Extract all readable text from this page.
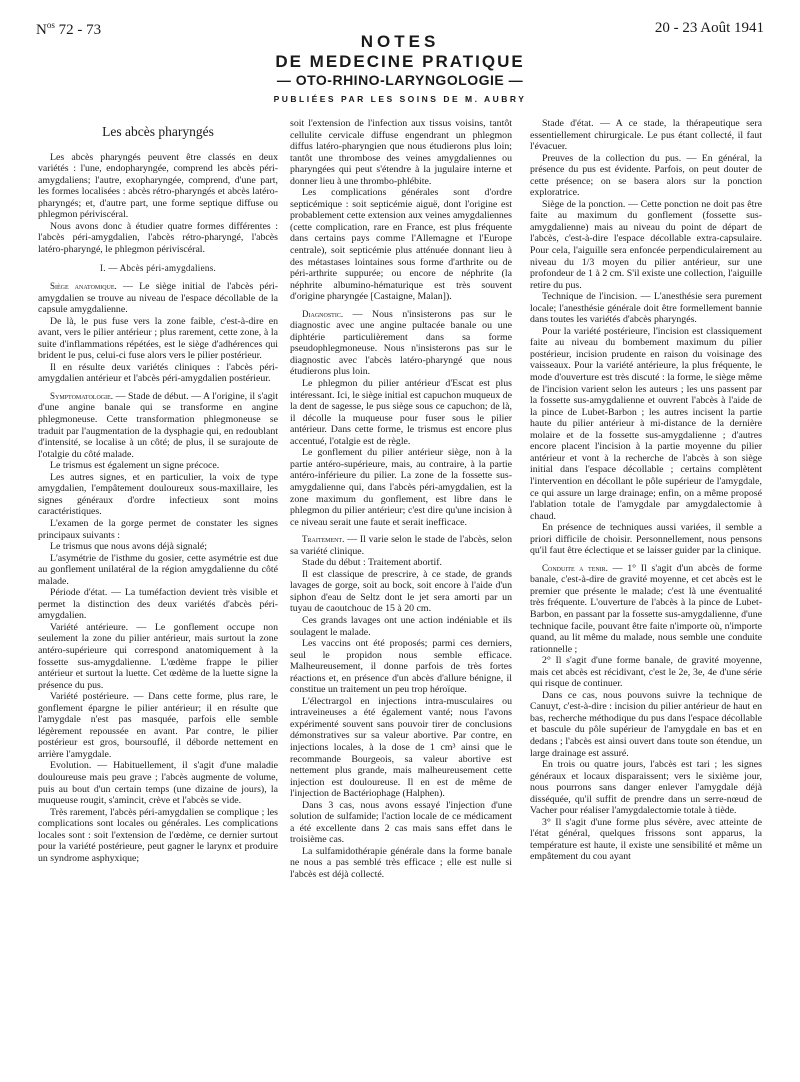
$N^{os}$ 72 - 73	20 - 23 Août 1941
NOTES
DE MEDECINE PRATIQUE
— OTO-RHINO-LARYNGOLOGIE —
PUBLIÉES PAR LES SOINS DE M. AUBRY
Les abcès pharyngés

Les abcès pharyngés peuvent être classés en deux variétés : l'une, endopharyngée, comprend les abcès péri-amygdaliens; l'autre, exopharyngée, comprend, d'une part, les formes localisées : abcès rétro-pharyngés et abcès latéro-pharyngés; et, d'autre part, une forme septique diffuse ou phlegmon périviscéral.

Nous avons donc à étudier quatre formes différentes : l'abcès péri-amygdalien, l'abcès rétro-pharyngé, l'abcès latéro-pharyngé, le phlegmon périviscéral.

I. — Abcès péri-amygdaliens.

Siège anatomique. — Le siège initial de l'abcès péri-amygdalien se trouve au niveau de l'espace décollable de la capsule amygdalienne.

De là, le pus fuse vers la zone faible, c'est-à-dire en avant, vers le pilier antérieur ; plus rarement, cette zone, à la suite d'inflammations répétées, est le siège d'adhérences qui brident le pus, celui-ci fuse alors vers le pilier postérieur.

Il en résulte deux variétés cliniques : l'abcès péri-amygdalien antérieur et l'abcès péri-amygdalien postérieur.

Symptomatologie. — Stade de début. — A l'origine, il s'agit d'une angine banale qui se transforme en angine phlegmoneuse. Cette transformation phlegmoneuse se traduit par l'augmentation de la dysphagie qui, en redoublant d'intensité, se localise à un côté; de plus, il se surajoute de l'otalgie du côté malade.

Le trismus est également un signe précoce.

Les autres signes, et en particulier, la voix de type amygdalien, l'empâtement douloureux sous-maxillaire, les signes généraux d'ordre infectieux sont moins caractéristiques.

L'examen de la gorge permet de constater les signes principaux suivants :

Le trismus que nous avons déjà signalé;

L'asymétrie de l'isthme du gosier, cette asymétrie est due au gonflement unilatéral de la région amygdalienne du côté malade.

Période d'état. — La tuméfaction devient très visible et permet la distinction des deux variétés d'abcès péri-amygdalien.

Variété antérieure. — Le gonflement occupe non seulement la zone du pilier antérieur, mais surtout la zone antéro-supérieure qui correspond anatomiquement à la fossette sus-amygdalienne. L'œdème frappe le pilier antérieur et surtout la luette. Cet œdème de la luette signe la présence du pus.

Variété postérieure. — Dans cette forme, plus rare, le gonflement épargne le pilier antérieur; il en résulte que l'amygdale n'est pas masquée, parfois elle semble légèrement repoussée en avant. Par contre, le pilier postérieur est gros, boursouflé, il déborde nettement en arrière l'amygdale.

Evolution. — Habituellement, il s'agit d'une maladie douloureuse mais peu grave ; l'abcès augmente de volume, puis au bout d'un certain temps (une dizaine de jours), la muqueuse rougit, s'amincit, crève et l'abcès se vide.

Très rarement, l'abcès péri-amygdalien se complique ; les complications sont locales ou générales. Les complications locales sont : soit l'extension de l'œdème, ce dernier surtout pour la variété postérieure, peut gagner le larynx et produire un syndrome asphyxique;

soit l'extension de l'infection aux tissus voisins, tantôt cellulite cervicale diffuse engendrant un phlegmon diffus latéro-pharyngien que nous étudierons plus loin; tantôt une thrombose des veines amygdaliennes ou pharyngées qui peut s'étendre à la jugulaire interne et donner lieu à une thrombo-phlébite.

Les complications générales sont d'ordre septicémique : soit septicémie aiguë, dont l'origine est probablement cette extension aux veines amygdaliennes (cette complication, rare en France, est plus fréquente dans certains pays comme l'Allemagne et l'Europe centrale), soit septicémie plus atténuée donnant lieu à des métastases lointaines sous forme d'arthrite ou de péri-arthrite suppurée; ou encore de néphrite (la néphrite albumino-hématurique est très souvent d'origine pharyngée [Castaigne, Malan]).

Diagnostic. — Nous n'insisterons pas sur le diagnostic avec une angine pultacée banale ou une diphtérie particulièrement dans sa forme pseudophlegmoneuse. Nous n'insisterons pas sur le diagnostic avec l'abcès latéro-pharyngé que nous étudierons plus loin.

Le phlegmon du pilier antérieur d'Escat est plus intéressant. Ici, le siège initial est capuchon muqueux de la dent de sagesse, le pus siège sous ce capuchon; de là, il décolle la muqueuse pour fuser sous le pilier antérieur. Dans cette forme, le trismus est encore plus accentué, l'otalgie est de règle.

Le gonflement du pilier antérieur siège, non à la partie antéro-supérieure, mais, au contraire, à la partie antéro-inférieure du pilier. La zone de la fossette sus-amygdalienne qui, dans l'abcès péri-amygdalien, est la zone maximum du gonflement, est libre dans le phlegmon du pilier antérieur; c'est dire qu'une incision à ce niveau serait une faute et serait inefficace.

Traitement. — Il varie selon le stade de l'abcès, selon sa variété clinique.

Stade du début : Traitement abortif.

Il est classique de prescrire, à ce stade, de grands lavages de gorge, soit au bock, soit encore à l'aide d'un siphon d'eau de Seltz dont le jet sera amorti par un tuyau de caoutchouc de 15 à 20 cm.

Ces grands lavages ont une action indéniable et ils soulagent le malade.

Les vaccins ont été proposés; parmi ces derniers, seul le propidon nous semble efficace. Malheureusement, il donne parfois de très fortes réactions et, en présence d'un abcès d'allure bénigne, il constitue un traitement un peu trop héroïque.

L'électrargol en injections intra-musculaires ou intraveineuses a été également vanté; nous l'avons expérimenté souvent sans pouvoir tirer de conclusions démonstratives sur sa valeur abortive. Par contre, en injections locales, à la dose de 1 cm³ ainsi que le recommande Bourgeois, sa valeur abortive est nettement plus grande, mais malheureusement cette injection est douloureuse. Il en est de même de l'injection de Bactériophage (Halphen).

Dans 3 cas, nous avons essayé l'injection d'une solution de sulfamide; l'action locale de ce médicament a été excellente dans 2 cas mais sans effet dans le troisième cas.

La sulfamidothérapie générale dans la forme banale ne nous a pas semblé très efficace ; elle est nulle si l'abcès est déjà collecté.

Stade d'état. — A ce stade, la thérapeutique sera essentiellement chirurgicale. Le pus étant collecté, il faut l'évacuer.

Preuves de la collection du pus. — En général, la présence du pus est évidente. Parfois, on peut douter de cette présence; on se basera alors sur la ponction exploratrice.

Siège de la ponction. — Cette ponction ne doit pas être faite au maximum du gonflement (fossette sus-amygdalienne) mais au niveau du point de départ de l'abcès, c'est-à-dire l'espace décollable extra-capsulaire. Pour cela, l'aiguille sera enfoncée perpendiculairement au niveau du 1/3 moyen du pilier antérieur, sur une profondeur de 1 à 2 cm. S'il existe une collection, l'aiguille retire du pus.

Technique de l'incision. — L'anesthésie sera purement locale; l'anesthésie générale doit être formellement bannie dans toutes les variétés d'abcès pharyngés.

Pour la variété postérieure, l'incision est classiquement faite au niveau du bombement maximum du pilier postérieur, incision prudente en raison du voisinage des vaisseaux. Pour la variété antérieure, la plus fréquente, le mode d'ouverture est très discuté : la forme, le siège même de l'incision varient selon les auteurs ; les uns passent par la fossette sus-amygdalienne et ouvrent l'abcès à l'aide de la pince de Lubet-Barbon ; les autres incisent la partie haute du pilier antérieur à mi-distance de la dernière molaire et de la fossette sus-amygdalienne ; d'autres encore placent l'incision à la partie moyenne du pilier antérieur et vont à la recherche de l'abcès à son siège initial dans l'espace décollable ; certains complètent l'intervention en décollant le pôle supérieur de l'amygdale, ce qui assure un large drainage; enfin, on a même proposé l'ablation totale de l'amygdale par amygdalectomie à chaud.

En présence de techniques aussi variées, il semble a priori difficile de choisir. Personnellement, nous pensons qu'il faut être éclectique et se laisser guider par la clinique.

Conduite a tenir. — 1° Il s'agit d'un abcès de forme banale, c'est-à-dire de gravité moyenne, et cet abcès est le premier que présente le malade; c'est là une éventualité très fréquente. L'ouverture de l'abcès à la pince de Lubet-Barbon, en passant par la fossette sus-amygdalienne, d'une technique facile, pouvant être faite n'importe où, n'importe quand, au lit même du malade, nous semble une conduite rationnelle ;

2° Il s'agit d'une forme banale, de gravité moyenne, mais cet abcès est récidivant, c'est le 2e, 3e, 4e d'une série qui risque de continuer.

Dans ce cas, nous pouvons suivre la technique de Canuyt, c'est-à-dire : incision du pilier antérieur de haut en bas, recherche méthodique du pus dans l'espace décollable et bascule du pôle supérieur de l'amygdale en bas et en dedans ; l'abcès est ainsi ouvert dans toute son étendue, un large drainage est assuré.

En trois ou quatre jours, l'abcès est tari ; les signes généraux et locaux disparaissent; vers le sixième jour, nous pourrons sans danger enlever l'amygdale déjà disséquée, qu'il suffit de prendre dans un serre-nœud de Vacher pour réaliser l'amygdalectomie totale à tiède.

3° Il s'agit d'une forme plus sévère, avec atteinte de l'état général, quelques frissons sont apparus, la température est haute, il existe une sensibilité et même un empâtement du cou ayant
